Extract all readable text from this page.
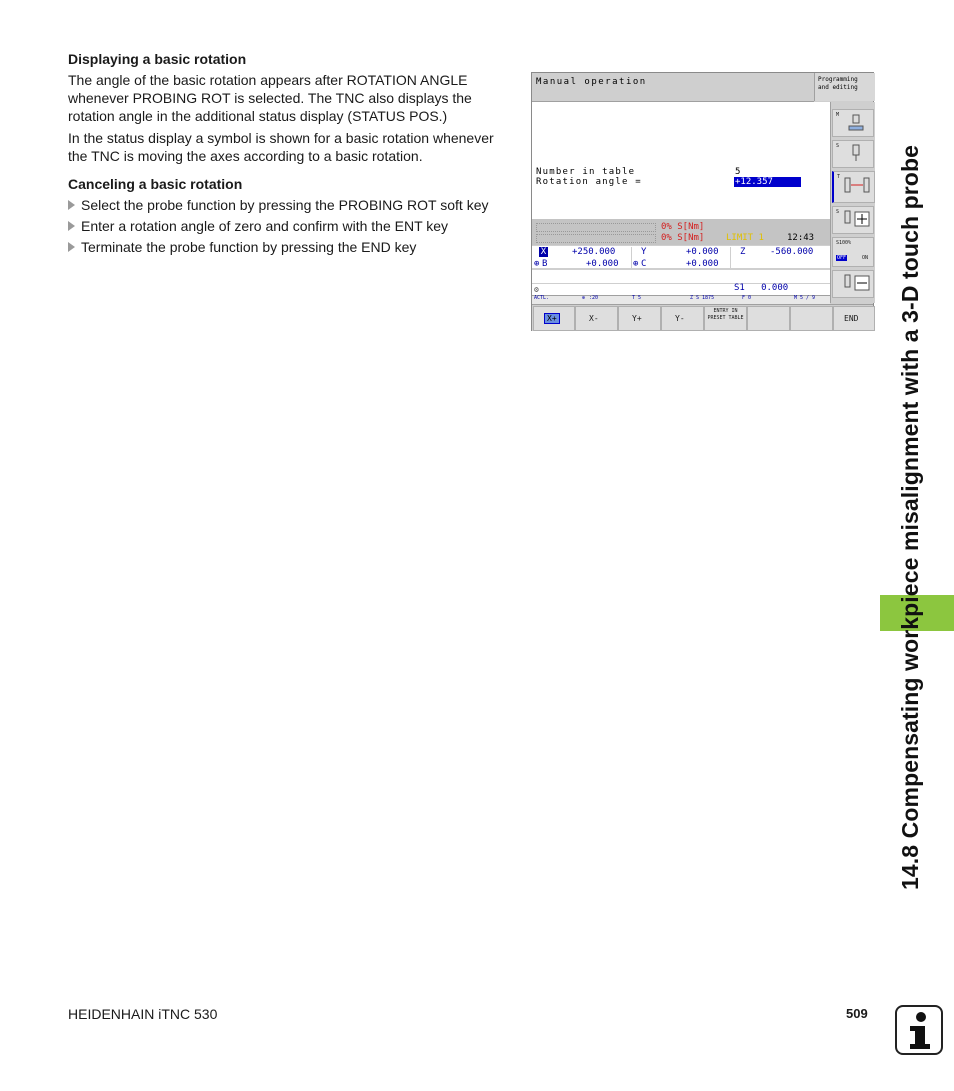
Displaying a basic rotation
The angle of the basic rotation appears after ROTATION ANGLE
whenever PROBING ROT is selected. The TNC also displays the
rotation angle in the additional status display (STATUS POS.)
In the status display a symbol is shown for a basic rotation whenever
the TNC is moving the axes according to a basic rotation.
Canceling a basic rotation
Select the probe function by pressing the PROBING ROT soft key
Enter a rotation angle of zero and confirm with the ENT key
Terminate the probe function by pressing the END key
Manual operation	Programming
and editing
Number in table	5
Rotation angle =	+12.357
0% S[Nm]
0% S[Nm] LIMIT 1	12:43
X	+250.000	Y	+0.000 Z	-560.000
⊕ B	+0.000 ⊕ C	+0.000
S1   0.000
ACTL.	⊕ :20	T 5	Z S 1875	F 0	M 5 / 9
⚙
M
S
T
S
S100%
OFF	ON
X+	X-	Y+	Y-
ENTRY IN PRESET TABLE	END 14.8 Compensating workpiece misalignment with a 3-D touch probe
HEIDENHAIN iTNC 530	509
